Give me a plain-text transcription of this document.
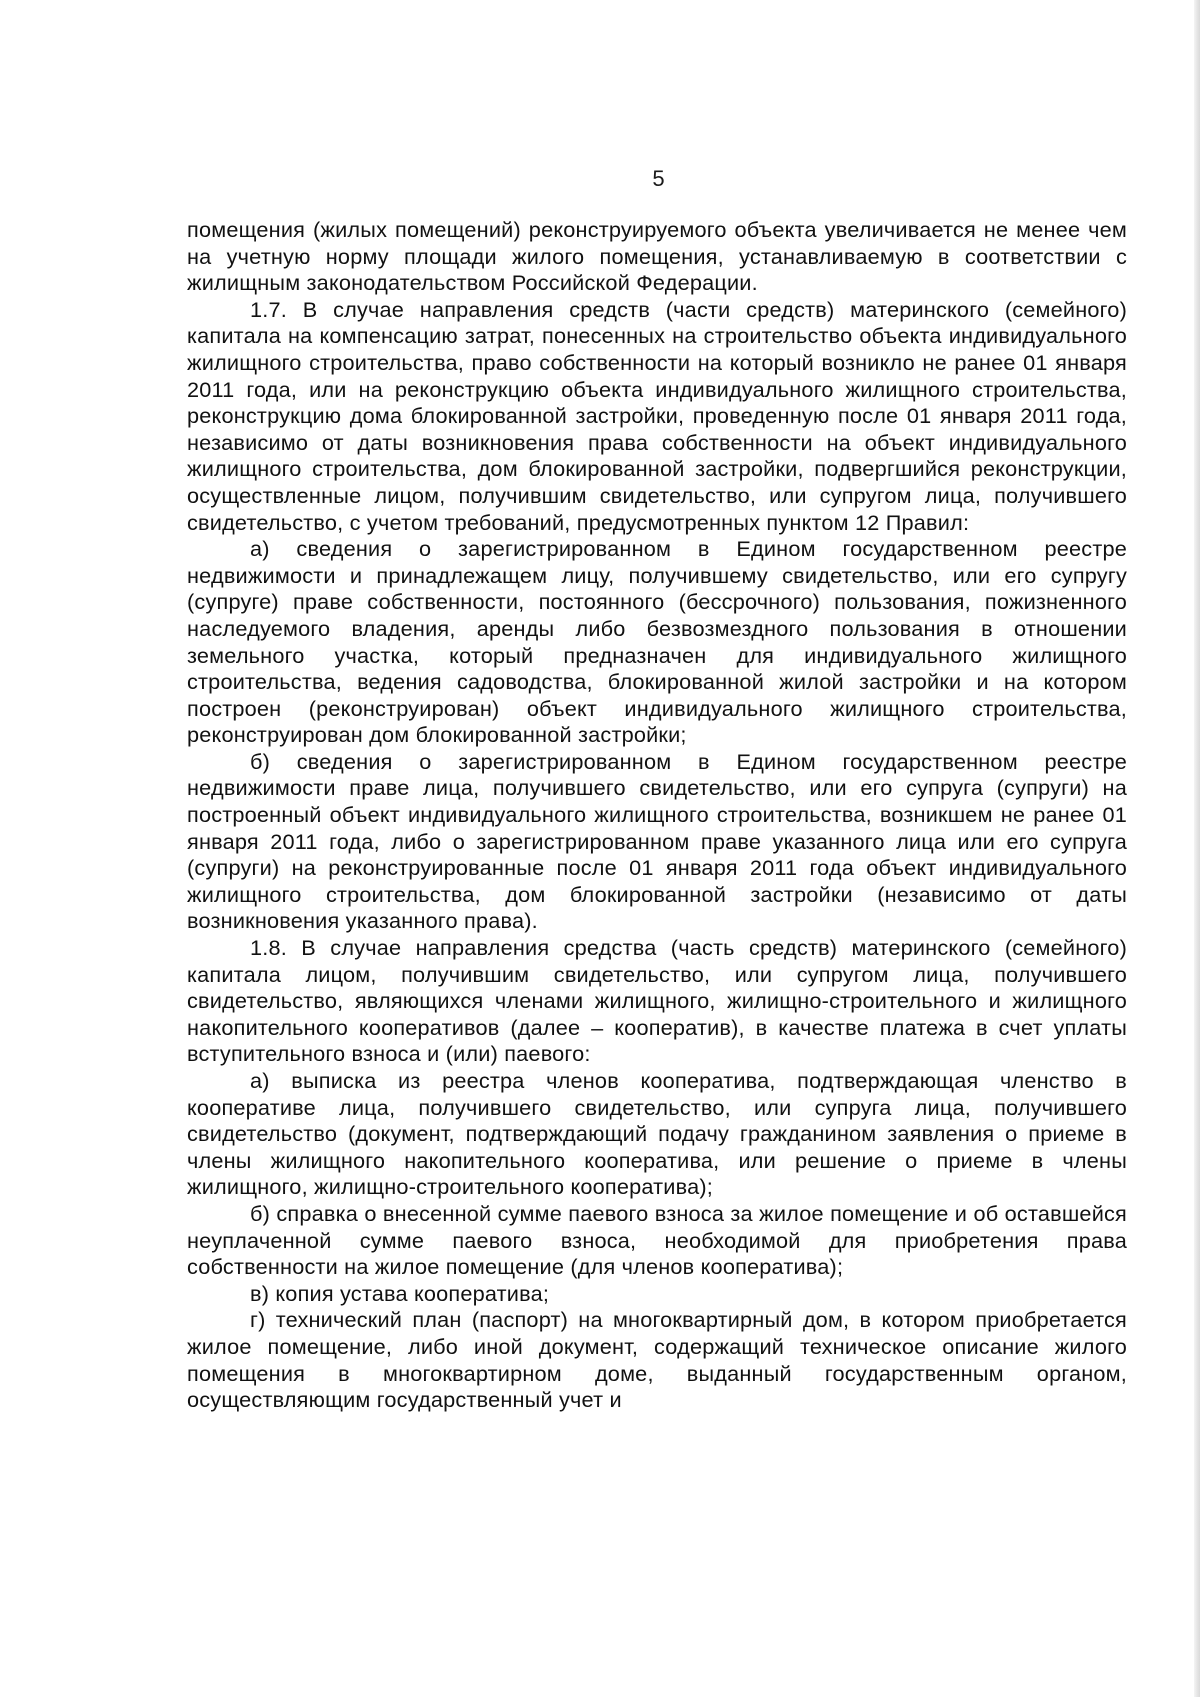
5

помещения (жилых помещений) реконструируемого объекта увеличивается не менее чем на учетную норму площади жилого помещения, устанавливаемую в соответствии с жилищным законодательством Российской Федерации.

1.7. В случае направления средств (части средств) материнского (семейного) капитала на компенсацию затрат, понесенных на строительство объекта индивидуального жилищного строительства, право собственности на который возникло не ранее 01 января 2011 года, или на реконструкцию объекта индивидуального жилищного строительства, реконструкцию дома блокированной застройки, проведенную после 01 января 2011 года, независимо от даты возникновения права собственности на объект индивидуального жилищного строительства, дом блокированной застройки, подвергшийся реконструкции, осуществленные лицом, получившим свидетельство, или супругом лица, получившего свидетельство, с учетом требований, предусмотренных пунктом 12 Правил:

а) сведения о зарегистрированном в Едином государственном реестре недвижимости и принадлежащем лицу, получившему свидетельство, или его супругу (супруге) праве собственности, постоянного (бессрочного) пользования, пожизненного наследуемого владения, аренды либо безвозмездного пользования в отношении земельного участка, который предназначен для индивидуального жилищного строительства, ведения садоводства, блокированной жилой застройки и на котором построен (реконструирован) объект индивидуального жилищного строительства, реконструирован дом блокированной застройки;

б) сведения о зарегистрированном в Едином государственном реестре недвижимости праве лица, получившего свидетельство, или его супруга (супруги) на построенный объект индивидуального жилищного строительства, возникшем не ранее 01 января 2011 года, либо о зарегистрированном праве указанного лица или его супруга (супруги) на реконструированные после 01 января 2011 года объект индивидуального жилищного строительства, дом блокированной застройки (независимо от даты возникновения указанного права).

1.8. В случае направления средства (часть средств) материнского (семейного) капитала лицом, получившим свидетельство, или супругом лица, получившего свидетельство, являющихся членами жилищного, жилищно-строительного и жилищного накопительного кооперативов (далее – кооператив), в качестве платежа в счет уплаты вступительного взноса и (или) паевого:

а) выписка из реестра членов кооператива, подтверждающая членство в кооперативе лица, получившего свидетельство, или супруга лица, получившего свидетельство (документ, подтверждающий подачу гражданином заявления о приеме в члены жилищного накопительного кооператива, или решение о приеме в члены жилищного, жилищно-строительного кооператива);

б) справка о внесенной сумме паевого взноса за жилое помещение и об оставшейся неуплаченной сумме паевого взноса, необходимой для приобретения права собственности на жилое помещение (для членов кооператива);

в) копия устава кооператива;

г) технический план (паспорт) на многоквартирный дом, в котором приобретается жилое помещение, либо иной документ, содержащий техническое описание жилого помещения в многоквартирном доме, выданный государственным органом, осуществляющим государственный учет и
